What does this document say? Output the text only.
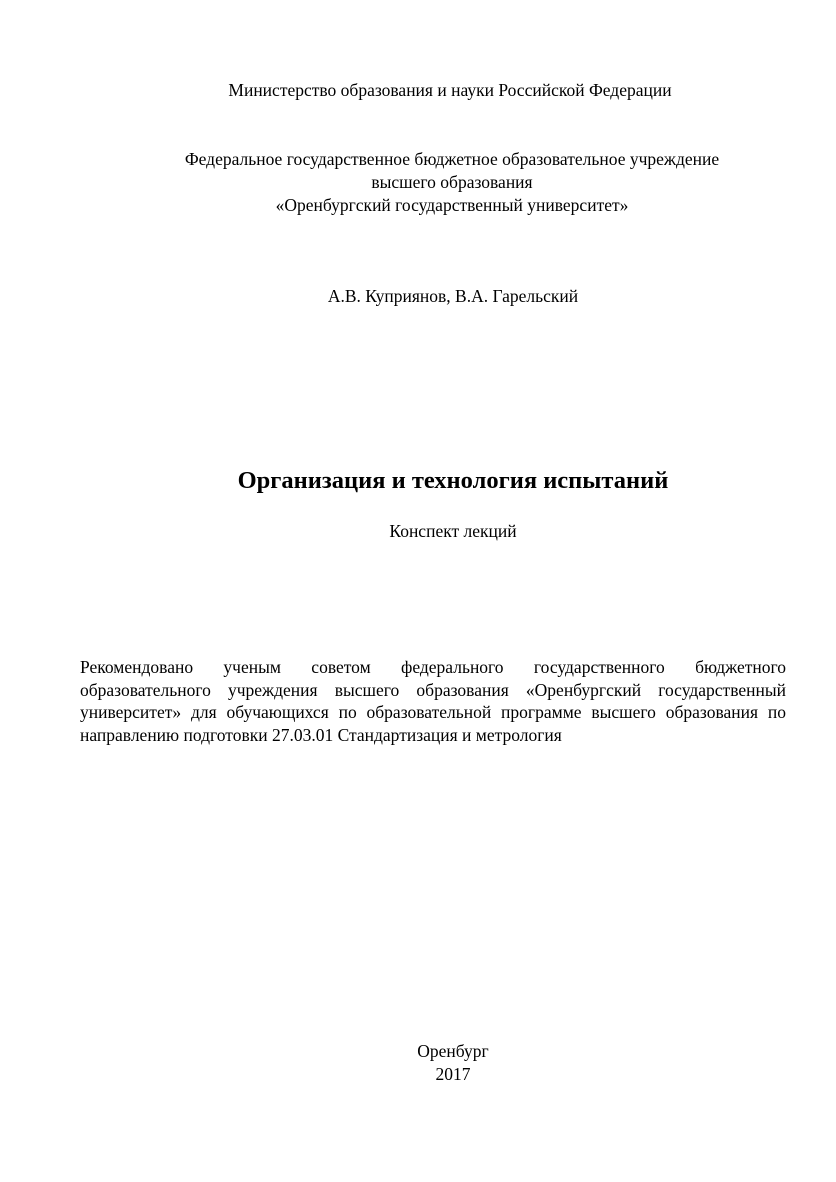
Министерство образования и науки Российской Федерации
Федеральное государственное бюджетное образовательное учреждение
высшего образования
«Оренбургский государственный университет»
А.В. Куприянов, В.А. Гарельский
Организация и технология испытаний
Конспект лекций
Рекомендовано ученым советом федерального государственного бюджетного образовательного учреждения высшего образования «Оренбургский государственный университет» для обучающихся по образовательной программе высшего образования по направлению подготовки 27.03.01 Стандартизация и метрология
Оренбург
2017
